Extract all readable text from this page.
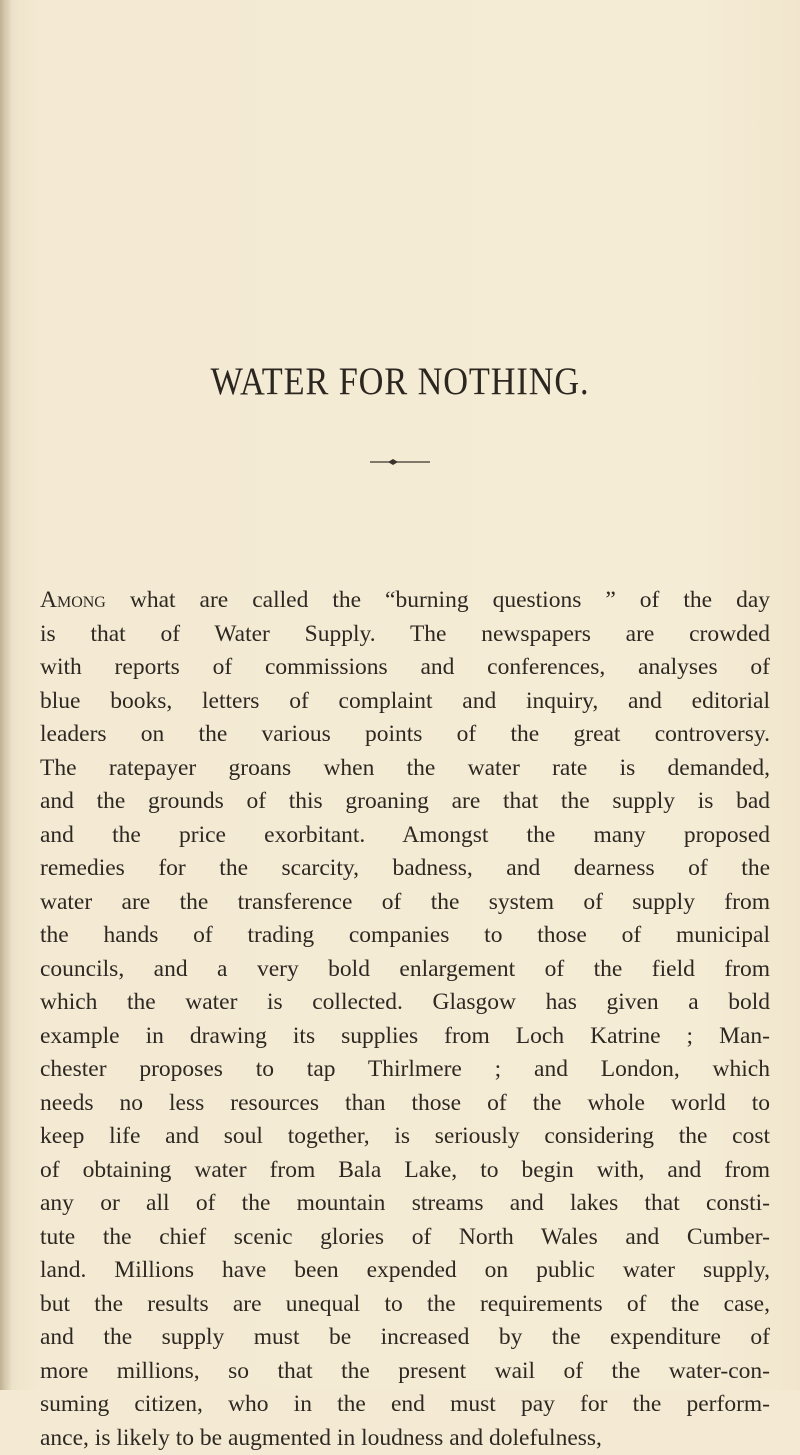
WATER FOR NOTHING.
Among what are called the “burning questions ” of the day
is that of Water Supply. The newspapers are crowded
with reports of commissions and conferences, analyses of
blue books, letters of complaint and inquiry, and editorial
leaders on the various points of the great controversy.
The ratepayer groans when the water rate is demanded,
and the grounds of this groaning are that the supply is bad
and the price exorbitant. Amongst the many proposed
remedies for the scarcity, badness, and dearness of the
water are the transference of the system of supply from
the hands of trading companies to those of municipal
councils, and a very bold enlargement of the field from
which the water is collected. Glasgow has given a bold
example in drawing its supplies from Loch Katrine ; Man-
chester proposes to tap Thirlmere ; and London, which
needs no less resources than those of the whole world to
keep life and soul together, is seriously considering the cost
of obtaining water from Bala Lake, to begin with, and from
any or all of the mountain streams and lakes that consti-
tute the chief scenic glories of North Wales and Cumber-
land. Millions have been expended on public water supply,
but the results are unequal to the requirements of the case,
and the supply must be increased by the expenditure of
more millions, so that the present wail of the water-con-
suming citizen, who in the end must pay for the perform-
ance, is likely to be augmented in loudness and dolefulness,
